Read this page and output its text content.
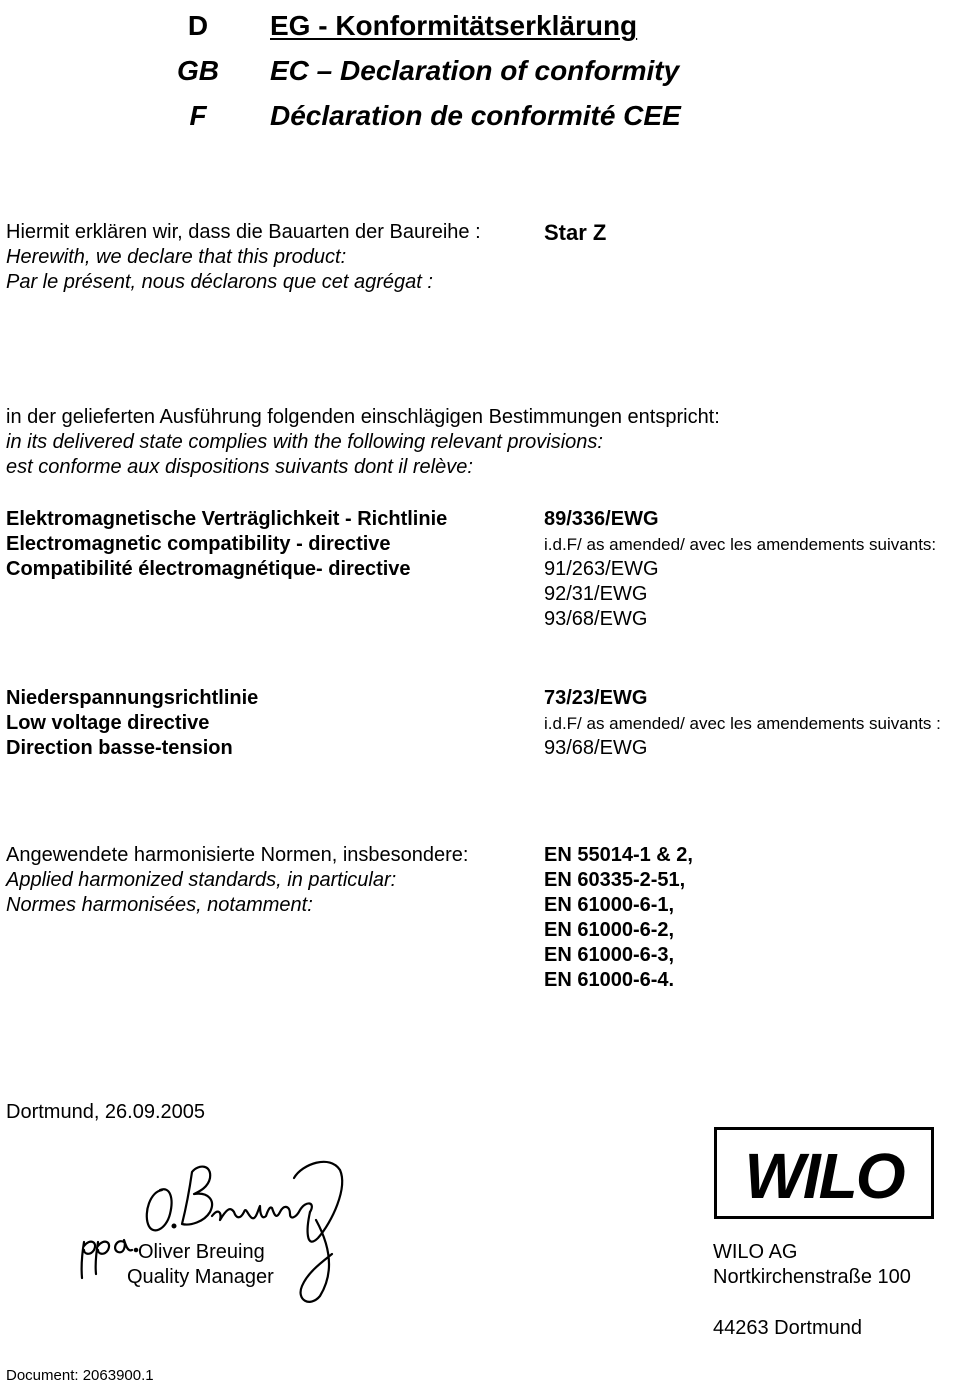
D
GB
F
EG - Konformitätserklärung
EC – Declaration of conformity
Déclaration de conformité CEE
Hiermit erklären wir, dass die Bauarten der Baureihe :
Herewith, we declare that this product:
Par le présent, nous déclarons que cet agrégat :
Star Z
in der gelieferten Ausführung folgenden einschlägigen Bestimmungen entspricht:
in its delivered state complies with the following relevant provisions:
est conforme aux dispositions suivants dont il relève:
Elektromagnetische Verträglichkeit - Richtlinie
Electromagnetic compatibility - directive
Compatibilité électromagnétique- directive
89/336/EWG
i.d.F/ as amended/ avec les amendements suivants:
91/263/EWG
92/31/EWG
93/68/EWG
Niederspannungsrichtlinie
Low voltage directive
Direction basse-tension
73/23/EWG
i.d.F/ as amended/ avec les amendements suivants :
93/68/EWG
Angewendete harmonisierte Normen, insbesondere:
Applied harmonized standards, in particular:
Normes harmonisées, notamment:
EN 55014-1 & 2,
EN 60335-2-51,
EN 61000-6-1,
EN 61000-6-2,
EN 61000-6-3,
EN 61000-6-4.
Dortmund, 26.09.2005
Oliver Breuing
Quality Manager
WILO
WILO AG
Nortkirchenstraße 100
44263 Dortmund
Document: 2063900.1
